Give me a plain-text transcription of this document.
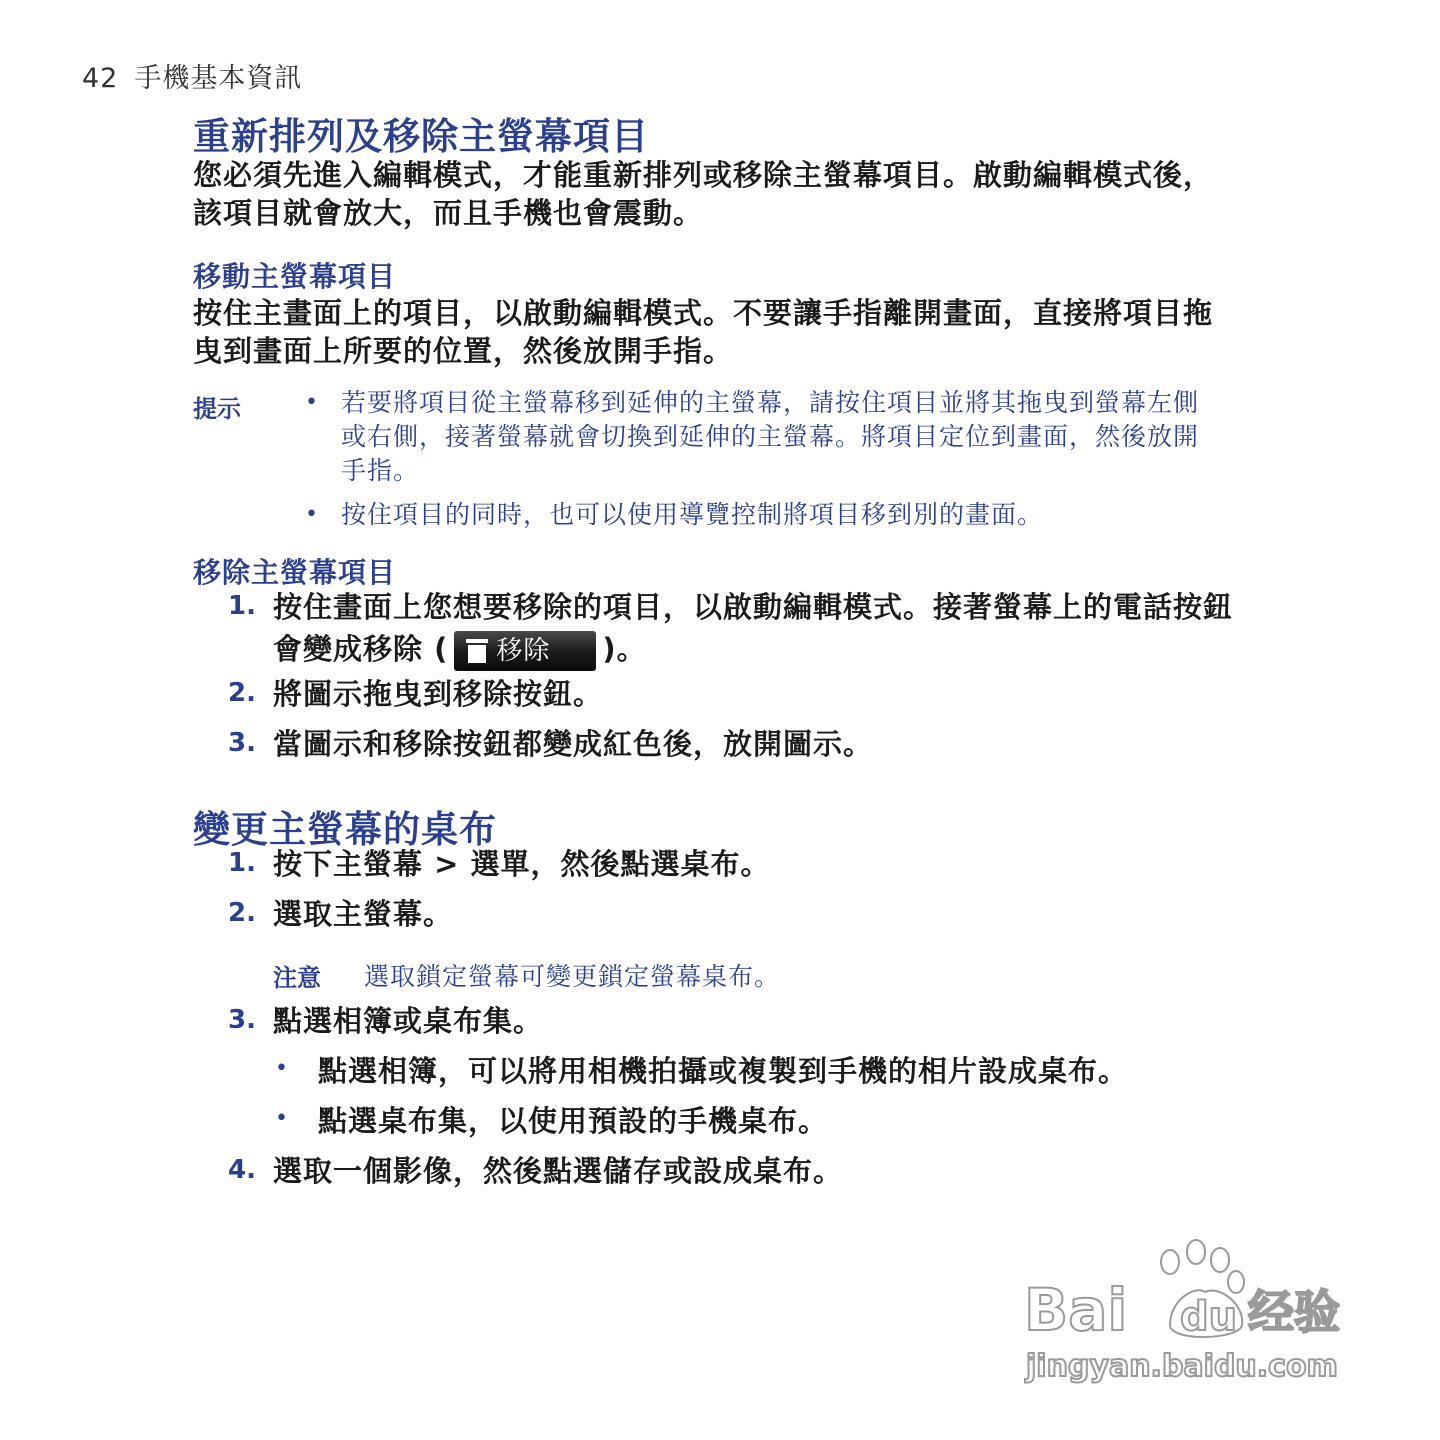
42 手機基本資訊
重新排列及移除主螢幕項目
您必須先進入編輯模式，才能重新排列或移除主螢幕項目。啟動編輯模式後，
該項目就會放大，而且手機也會震動。
移動主螢幕項目
按住主畫面上的項目，以啟動編輯模式。不要讓手指離開畫面，直接將項目拖
曳到畫面上所要的位置，然後放開手指。
提示	• 若要將項目從主螢幕移到延伸的主螢幕，請按住項目並將其拖曳到螢幕左側
或右側，接著螢幕就會切換到延伸的主螢幕。將項目定位到畫面，然後放開
手指。
• 按住項目的同時，也可以使用導覽控制將項目移到別的畫面。
移除主螢幕項目
1. 按住畫面上您想要移除的項目，以啟動編輯模式。接著螢幕上的電話按鈕
會變成移除 ( 移除 )。
2. 將圖示拖曳到移除按鈕。
3. 當圖示和移除按鈕都變成紅色後，放開圖示。
變更主螢幕的桌布
1. 按下主螢幕 > 選單，然後點選桌布。
2. 選取主螢幕。
注意 選取鎖定螢幕可變更鎖定螢幕桌布。
3. 點選相簿或桌布集。
• 點選相簿，可以將用相機拍攝或複製到手機的相片設成桌布。
• 點選桌布集，以使用預設的手機桌布。
4. 選取一個影像，然後點選儲存或設成桌布。
Bai du 经验
jingyan.baidu.com
